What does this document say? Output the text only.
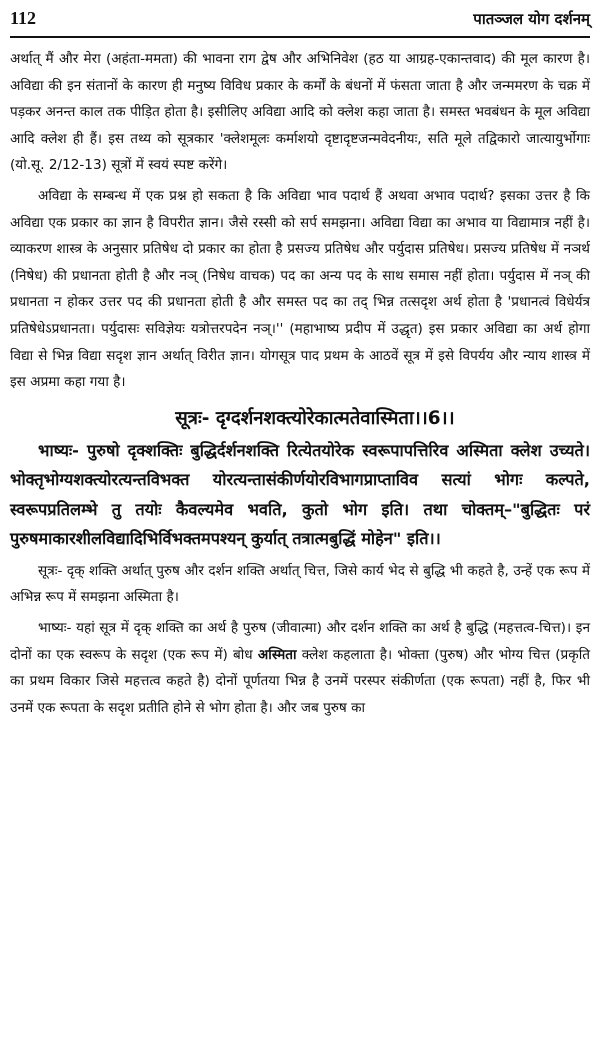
112	पातञ्जल योग दर्शनम्

अर्थात् मैं और मेरा (अहंता-ममता) की भावना राग द्वेष और अभिनिवेश (हठ या आग्रह-एकान्तवाद) की मूल कारण है। अविद्या की इन संतानों के कारण ही मनुष्य विविध प्रकार के कर्मों के बंधनों में फंसता जाता है और जन्ममरण के चक्र में पड़कर अनन्त काल तक पीड़ित होता है। इसीलिए अविद्या आदि को क्लेश कहा जाता है। समस्त भवबंधन के मूल अविद्या आदि क्लेश ही हैं। इस तथ्य को सूत्रकार 'क्लेशमूलः कर्माशयो दृष्टादृष्टजन्मवेदनीयः, सति मूले तद्विकारो जात्यायुर्भोगाः (यो.सू. 2/12-13) सूत्रों में स्वयं स्पष्ट करेंगे।

अविद्या के सम्बन्ध में एक प्रश्न हो सकता है कि अविद्या भाव पदार्थ हैं अथवा अभाव पदार्थ? इसका उत्तर है कि अविद्या एक प्रकार का ज्ञान है विपरीत ज्ञान। जैसे रस्सी को सर्प समझना। अविद्या विद्या का अभाव या विद्यामात्र नहीं है। व्याकरण शास्त्र के अनुसार प्रतिषेध दो प्रकार का होता है प्रसज्य प्रतिषेध और पर्युदास प्रतिषेध। प्रसज्य प्रतिषेध में नञर्थ (निषेध) की प्रधानता होती है और नञ् (निषेध वाचक) पद का अन्य पद के साथ समास नहीं होता। पर्युदास में नञ् की प्रधानता न होकर उत्तर पद की प्रधानता होती है और समस्त पद का तद् भिन्न तत्सदृश अर्थ होता है 'प्रधानत्वं विधेर्यत्र प्रतिषेधेऽप्रधानता। पर्युदासः सविज्ञेयः यत्रोत्तरपदेन नञ्।'' (महाभाष्य प्रदीप में उद्धृत) इस प्रकार अविद्या का अर्थ होगा विद्या से भिन्न विद्या सदृश ज्ञान अर्थात् विरीत ज्ञान। योगसूत्र पाद प्रथम के आठवें सूत्र में इसे विपर्यय और न्याय शास्त्र में इस अप्रमा कहा गया है।

सूत्रः- दृग्दर्शनशक्त्योरेकात्मतेवास्मिता।।6।।

भाष्यः- पुरुषो दृक्शक्तिः बुद्धिर्दर्शनशक्ति रित्येतयोरेक स्वरूपापत्तिरिव अस्मिता क्लेश उच्यते। भोक्तृभोग्यशक्त्योरत्यन्तविभक्त योरत्यन्तासंकीर्णयोरविभागप्राप्ताविव सत्यां भोगः कल्पते, स्वरूपप्रतिलम्भे तु तयोः कैवल्यमेव भवति, कुतो भोग इति। तथा चोक्तम्–"बुद्धितः परं पुरुषमाकारशीलविद्यादिभिर्विभक्तमपश्यन् कुर्यात् तत्रात्मबुद्धिं मोहेन" इति।।

सूत्रः- दृक् शक्ति अर्थात् पुरुष और दर्शन शक्ति अर्थात् चित्त, जिसे कार्य भेद से बुद्धि भी कहते है, उन्हें एक रूप में अभिन्न रूप में समझना अस्मिता है।

भाष्यः- यहां सूत्र में दृक् शक्ति का अर्थ है पुरुष (जीवात्मा) और दर्शन शक्ति का अर्थ है बुद्धि (महत्तत्व-चित्त)। इन दोनों का एक स्वरूप के सदृश (एक रूप में) बोध अस्मिता क्लेश कहलाता है। भोक्ता (पुरुष) और भोग्य चित्त (प्रकृति का प्रथम विकार जिसे महत्तत्व कहते है) दोनों पूर्णतया भिन्न है उनमें परस्पर संकीर्णता (एक रूपता) नहीं है, फिर भी उनमें एक रूपता के सदृश प्रतीति होने से भोग होता है। और जब पुरुष का
